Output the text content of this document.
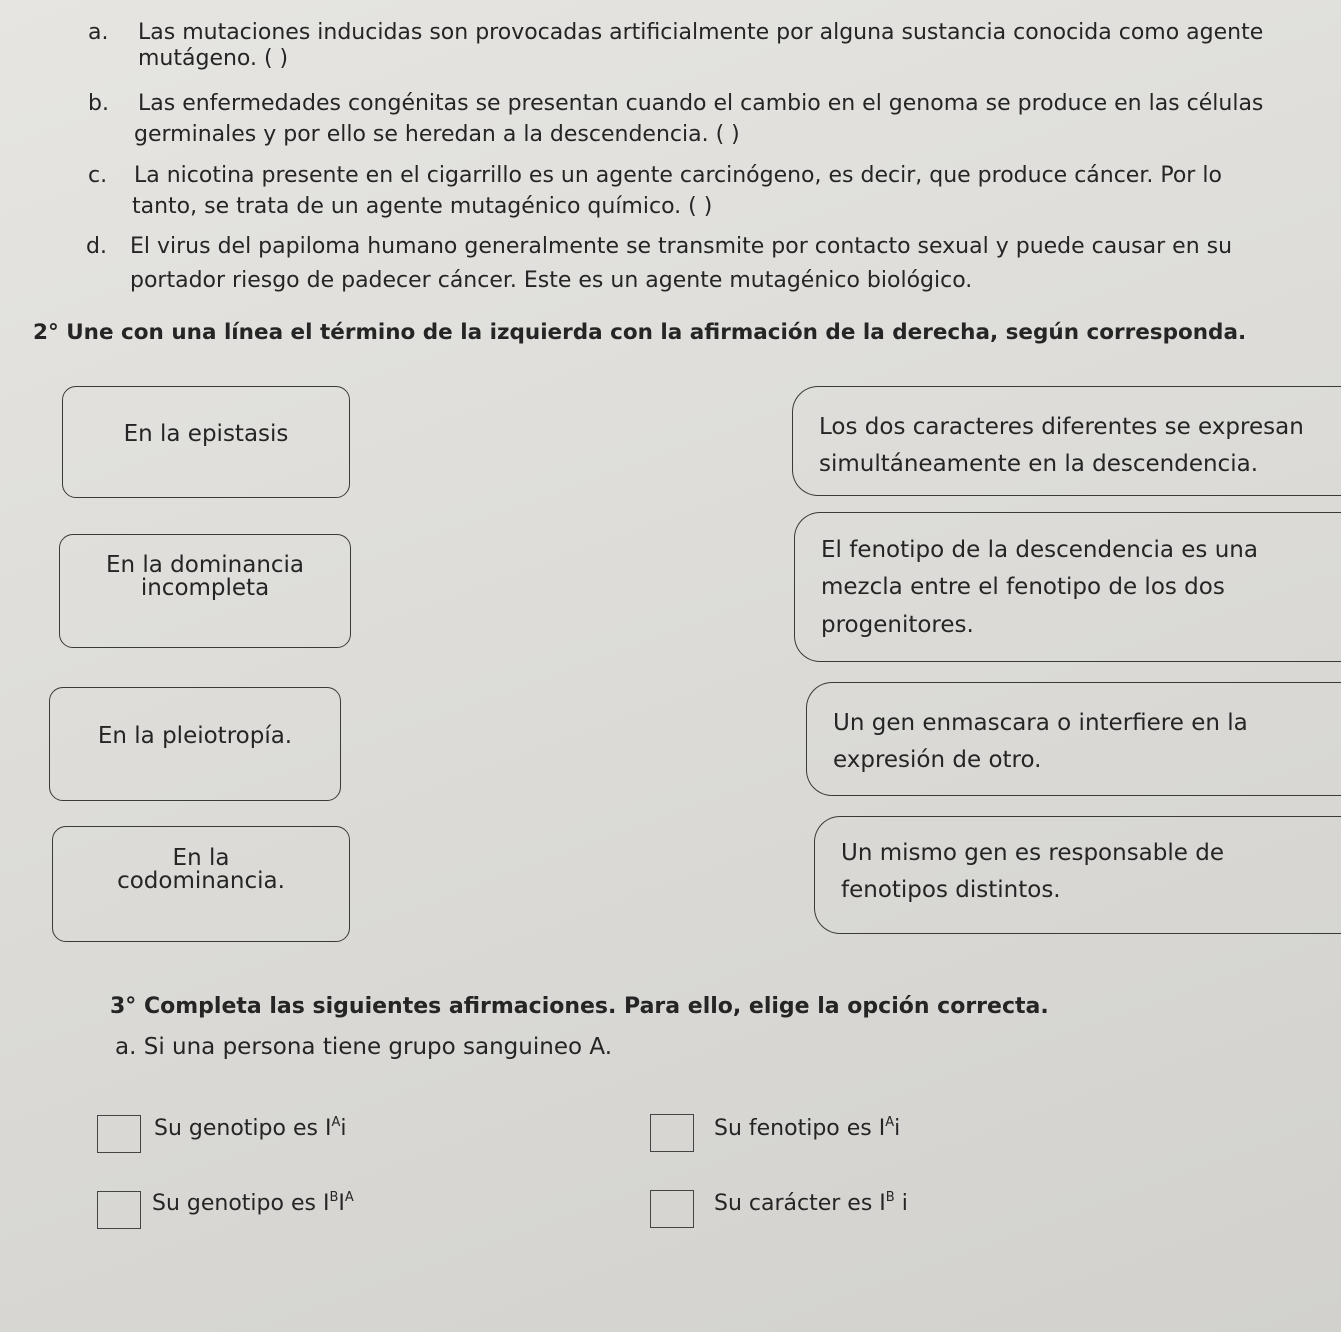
a. Las mutaciones inducidas son provocadas artificialmente por alguna sustancia conocida como agente
mutágeno. ( )
b. Las enfermedades congénitas se presentan cuando el cambio en el genoma se produce en las células
germinales y por ello se heredan a la descendencia. ( )
c. La nicotina presente en el cigarrillo es un agente carcinógeno, es decir, que produce cáncer. Por lo
tanto, se trata de un agente mutagénico químico. ( )
d. El virus del papiloma humano generalmente se transmite por contacto sexual y puede causar en su
portador riesgo de padecer cáncer. Este es un agente mutagénico biológico.
2° Une con una línea el término de la izquierda con la afirmación de la derecha, según corresponda.
En la epistasis
En la dominancia
incompleta
En la pleiotropía.
En la
codominancia.
Los dos caracteres diferentes se expresan
simultáneamente en la descendencia.
El fenotipo de la descendencia es una
mezcla entre el fenotipo de los dos
progenitores.
Un gen enmascara o interfiere en la
expresión de otro.
Un mismo gen es responsable de
fenotipos distintos.
3° Completa las siguientes afirmaciones. Para ello, elige la opción correcta.
a. Si una persona tiene grupo sanguineo A.
Su genotipo es $I^Ai$	Su fenotipo es $I^Ai$
Su genotipo es $I^BI^A$	Su carácter es $I^B$ i
